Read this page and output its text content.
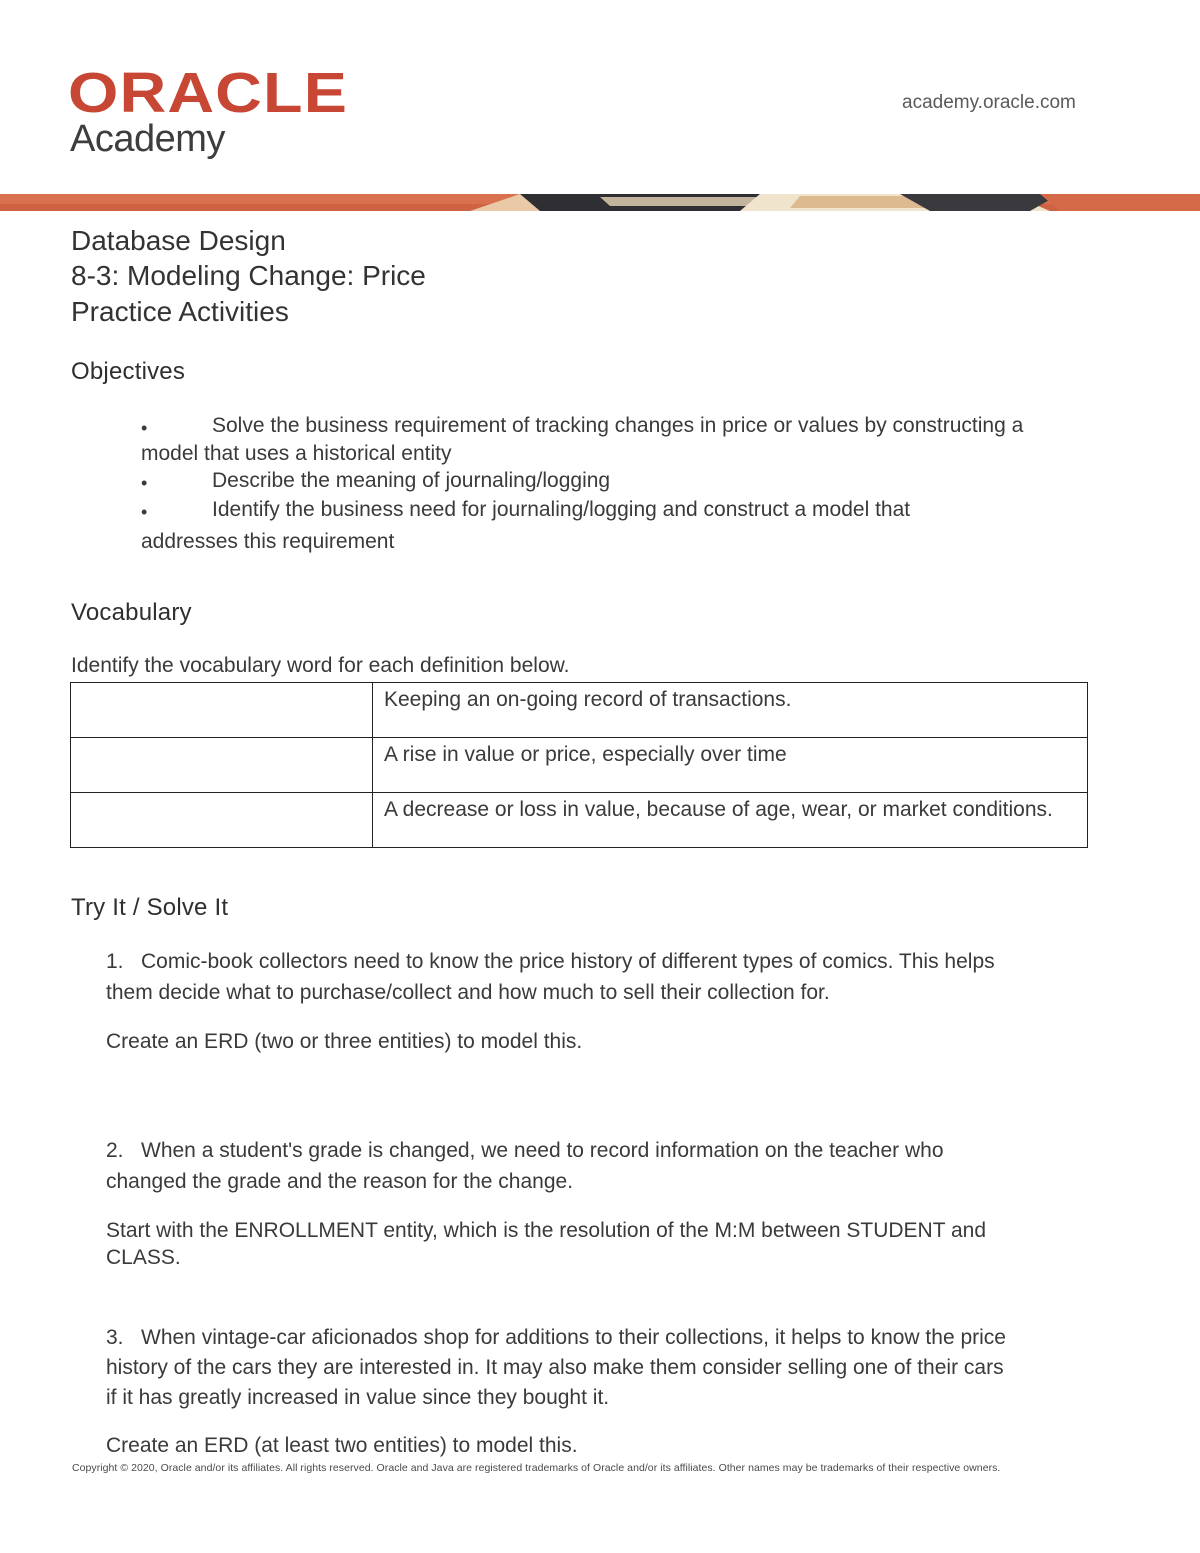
ORACLE
Academy
academy.oracle.com
Database Design
8-3: Modeling Change: Price
Practice Activities
Objectives
•	Solve the business requirement of tracking changes in price or values by constructing a
model that uses a historical entity
•	Describe the meaning of journaling/logging
•	Identify the business need for journaling/logging and construct a model that
addresses this requirement
Vocabulary
Identify the vocabulary word for each definition below.
	Keeping an on-going record of transactions.
	A rise in value or price, especially over time
	A decrease or loss in value, because of age, wear, or market conditions.
Try It / Solve It
1. Comic-book collectors need to know the price history of different types of comics. This helps
them decide what to purchase/collect and how much to sell their collection for.
Create an ERD (two or three entities) to model this.
2. When a student's grade is changed, we need to record information on the teacher who
changed the grade and the reason for the change.
Start with the ENROLLMENT entity, which is the resolution of the M:M between STUDENT and
CLASS.
3. When vintage-car aficionados shop for additions to their collections, it helps to know the price
history of the cars they are interested in. It may also make them consider selling one of their cars
if it has greatly increased in value since they bought it.
Create an ERD (at least two entities) to model this.
Copyright © 2020, Oracle and/or its affiliates. All rights reserved. Oracle and Java are registered trademarks of Oracle and/or its affiliates. Other names may be trademarks of their respective owners.
